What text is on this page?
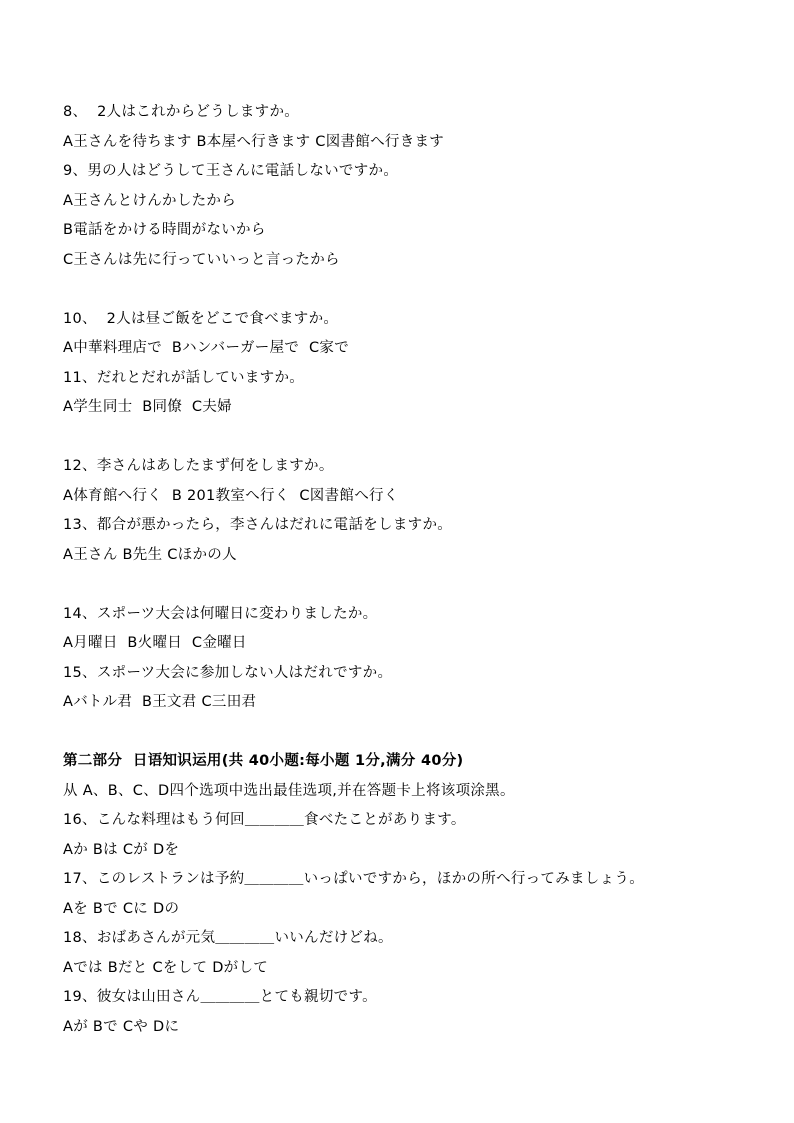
8、  2人はこれからどうしますか。
A王さんを待ちます B本屋へ行きます C図書館へ行きます
9、男の人はどうして王さんに電話しないですか。
A王さんとけんかしたから
B電話をかける時間がないから
C王さんは先に行っていいっと言ったから
10、  2人は昼ご飯をどこで食べますか。
A中華料理店で  Bハンバーガー屋で  C家で
11、だれとだれが話していますか。
A学生同士  B同僚  C夫婦
12、李さんはあしたまず何をしますか。
A体育館へ行く  B 201教室へ行く  C図書館へ行く
13、都合が悪かったら，李さんはだれに電話をしますか。
A王さん B先生 Cほかの人
14、スポーツ大会は何曜日に変わりましたか。
A月曜日  B火曜日  C金曜日
15、スポーツ大会に参加しない人はだれですか。
Aバトル君  B王文君 C三田君
第二部分  日语知识运用(共 40小题:每小题 1分,满分 40分)
从 A、B、C、D四个选项中选出最佳选项,并在答题卡上将该项涂黑。
16、こんな料理はもう何回＿＿＿＿食べたことがあります。
Aか Bは Cが Dを
17、このレストランは予約＿＿＿＿いっぱいですから，ほかの所へ行ってみましょう。
Aを Bで Cに Dの
18、おばあさんが元気＿＿＿＿いいんだけどね。
Aでは Bだと Cをして Dがして
19、彼女は山田さん＿＿＿＿とても親切です。
Aが Bで Cや Dに
